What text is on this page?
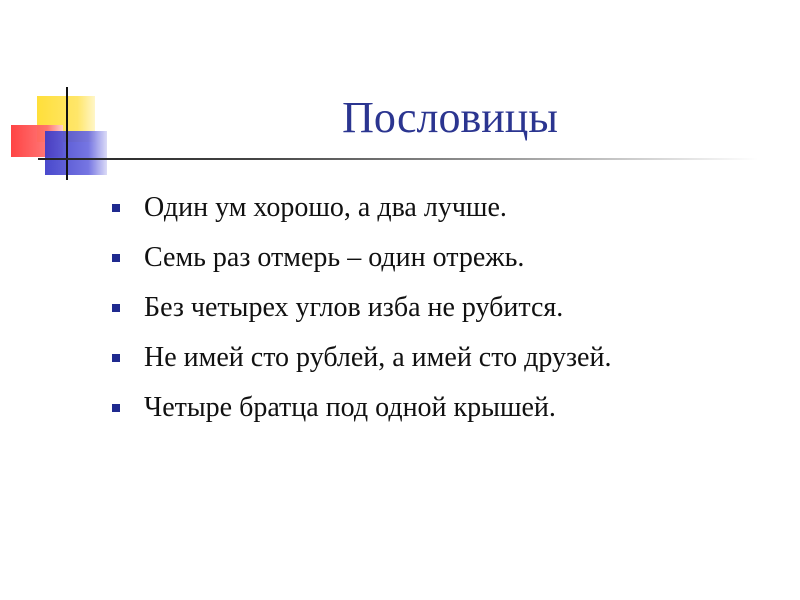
Пословицы
Один ум хорошо, а два лучше.
Семь раз отмерь – один отрежь.
Без четырех углов изба не рубится.
Не имей сто рублей, а имей сто друзей.
Четыре братца под одной крышей.
